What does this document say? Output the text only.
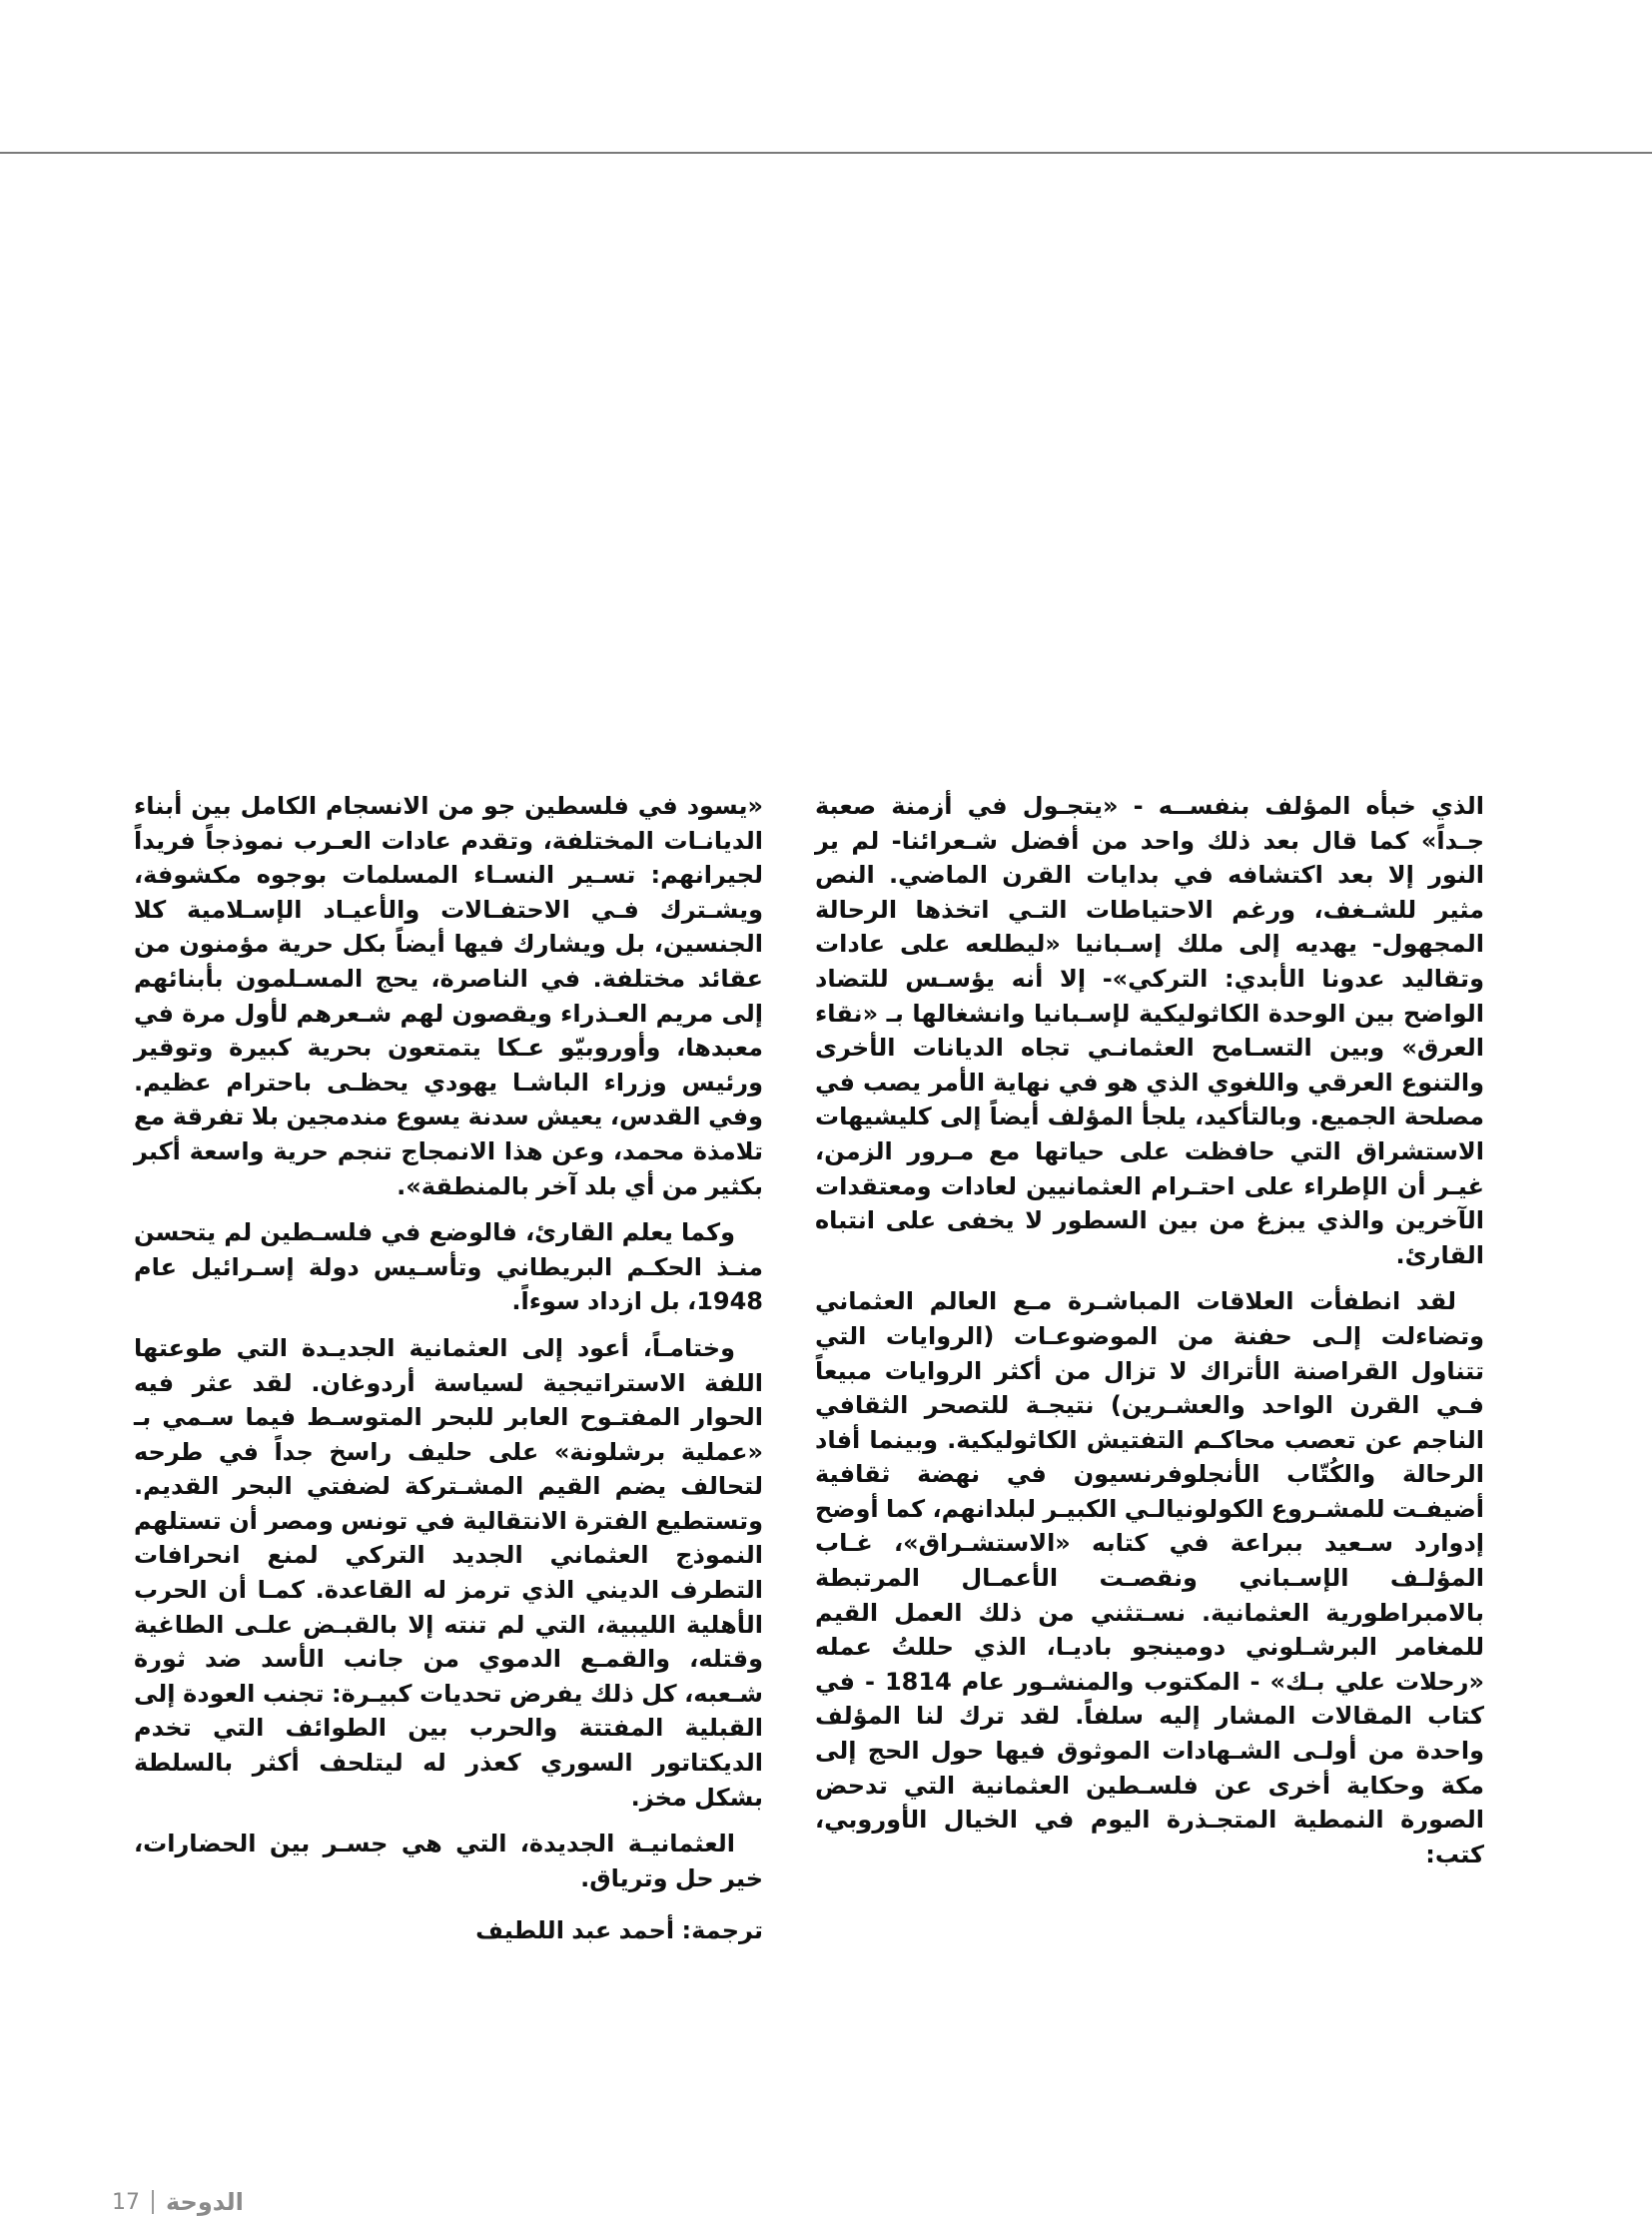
الذي خبأه المؤلف بنفســه - «يتجـول في أزمنة صعبة جـداً» كما قال بعد ذلك واحد من أفضل شـعرائنا- لم ير النور إلا بعد اكتشافه في بدايات القرن الماضي. النص مثير للشـغف، ورغم الاحتياطات التـي اتخذها الرحالة المجهول- يهديه إلى ملك إسـبانيا «ليطلعه على عادات وتقاليد عدونا الأبدي: التركي»- إلا أنه يؤسـس للتضاد الواضح بين الوحدة الكاثوليكية لإسـبانيا وانشغالها بـ «نقاء العرق» وبين التسـامح العثمانـي تجاه الديانات الأخرى والتنوع العرقي واللغوي الذي هو في نهاية الأمر يصب في مصلحة الجميع. وبالتأكيد، يلجأ المؤلف أيضاً إلى كليشيهات الاستشراق التي حافظت على حياتها مع مـرور الزمن، غيـر أن الإطراء على احتـرام العثمانيين لعادات ومعتقدات الآخرين والذي يبزغ من بين السطور لا يخفى على انتباه القارئ.

لقد انطفأت العلاقات المباشـرة مـع العالم العثماني وتضاءلت إلـى حفنة من الموضوعـات (الروايات التي تتناول القراصنة الأتراك لا تزال من أكثر الروايات مبيعاً فـي القرن الواحد والعشـرين) نتيجـة للتصحر الثقافي الناجم عن تعصب محاكـم التفتيش الكاثوليكية. وبينما أفاد الرحالة والكُتّاب الأنجلوفرنسيون في نهضة ثقافية أضيفـت للمشـروع الكولونيالـي الكبيـر لبلدانهم، كما أوضح إدوارد سـعيد ببراعة في كتابه «الاستشـراق»، غـاب المؤلـف الإسـباني ونقصـت الأعمـال المرتبطة بالامبراطورية العثمانية. نسـتثني من ذلك العمل القيم للمغامر البرشـلوني دومينجو باديـا، الذي حللتُ عمله «رحلات علي بـك» - المكتوب والمنشـور عام 1814 - في كتاب المقالات المشار إليه سلفاً. لقد ترك لنا المؤلف واحدة من أولـى الشـهادات الموثوق فيها حول الحج إلى مكة وحكاية أخرى عن فلسـطين العثمانية التي تدحض الصورة النمطية المتجـذرة اليوم في الخيال الأوروبي، كتب:

«يسود في فلسطين جو من الانسجام الكامل بين أبناء الديانـات المختلفة، وتقدم عادات العـرب نموذجاً فريداً لجيرانهم: تسـير النسـاء المسلمات بوجوه مكشوفة، ويشـترك فـي الاحتفـالات والأعيـاد الإسـلامية كلا الجنسين، بل ويشارك فيها أيضاً بكل حرية مؤمنون من عقائد مختلفة. في الناصرة، يحج المسـلمون بأبنائهم إلى مريم العـذراء ويقصون لهم شـعرهم لأول مرة في معبدها، وأوروبيّو عـكا يتمتعون بحرية كبيرة وتوقير ورئيس وزراء الباشـا يهودي يحظـى باحترام عظيم. وفي القدس، يعيش سدنة يسوع مندمجين بلا تفرقة مع تلامذة محمد، وعن هذا الانمجاج تنجم حرية واسعة أكبر بكثير من أي بلد آخر بالمنطقة».

وكما يعلم القارئ، فالوضع في فلسـطين لم يتحسن منـذ الحكـم البريطاني وتأسـيس دولة إسـرائيل عام 1948، بل ازداد سوءاً.

وختامـاً، أعود إلى العثمانية الجديـدة التي طوعتها اللفة الاستراتيجية لسياسة أردوغان. لقد عثر فيه الحوار المفتـوح العابر للبحر المتوسـط فيما سـمي بـ «عملية برشلونة» على حليف راسخ جداً في طرحه لتحالف يضم القيم المشـتركة لضفتي البحر القديم. وتستطيع الفترة الانتقالية في تونس ومصر أن تستلهم النموذج العثماني الجديد التركي لمنع انحرافات التطرف الديني الذي ترمز له القاعدة. كمـا أن الحرب الأهلية الليبية، التي لم تنته إلا بالقبـض علـى الطاغية وقتله، والقمـع الدموي من جانب الأسد ضد ثورة شـعبه، كل ذلك يفرض تحديات كبيـرة: تجنب العودة إلى القبلية المفتتة والحرب بين الطوائف التي تخدم الديكتاتور السوري كعذر له ليتلحف أكثر بالسلطة بشكل مخز.

العثمانيـة الجديدة، التي هي جسـر بين الحضارات، خير حل وترياق.

ترجمة: أحمد عبد اللطيف
17 الدوحة
